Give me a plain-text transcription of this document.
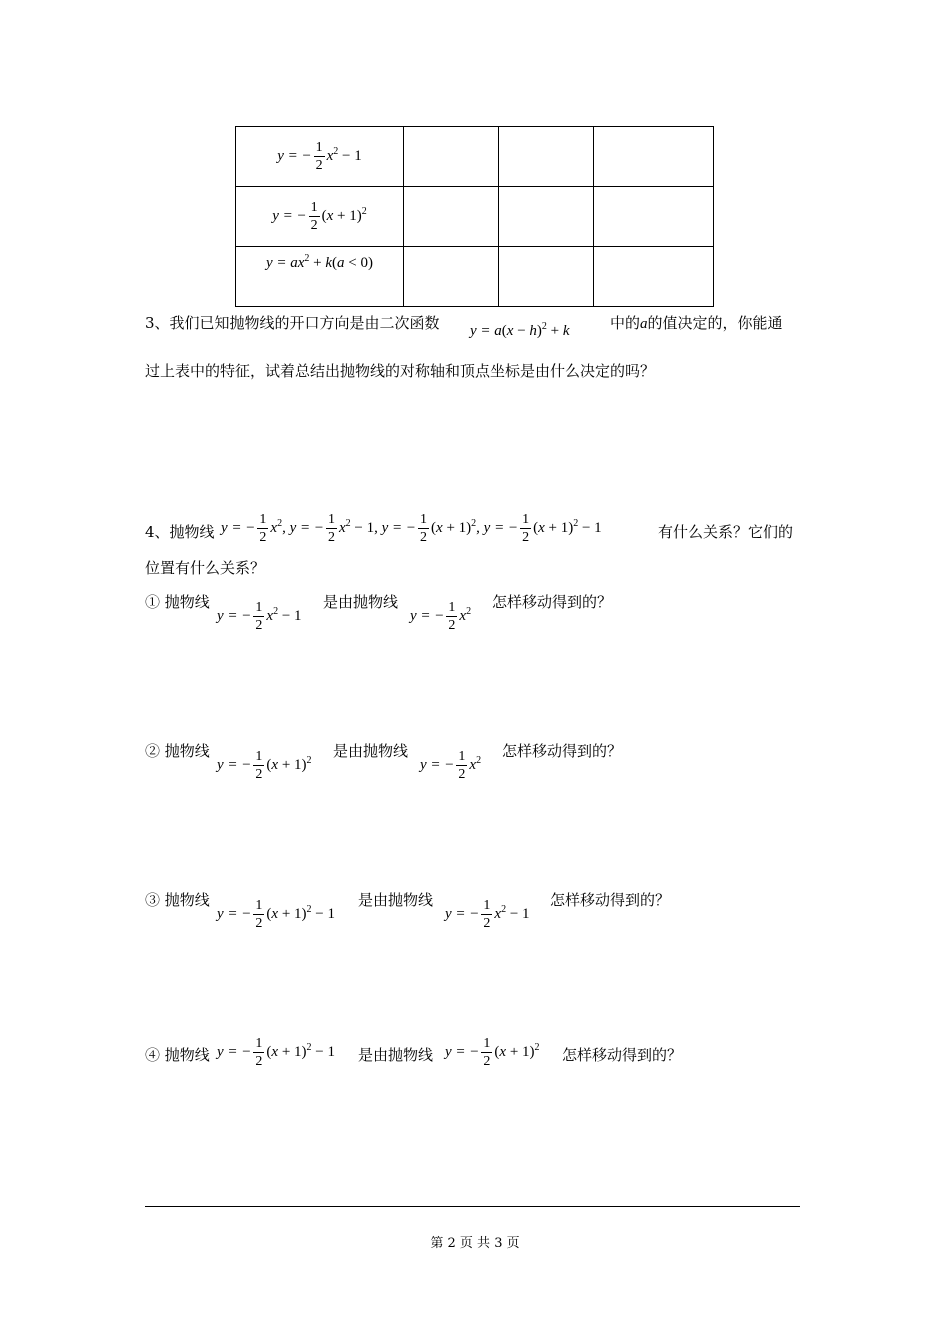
y = − $\frac{1}{2} x^2 - 1$			
y = − $\frac{1}{2} (x + 1)^2$			
$y = ax^2 + k(a < 0)$			
3、我们已知抛物线的开口方向是由二次函数 $y = a(x - h)^2 + k$	中的a的值决定的，你能通
过上表中的特征，试着总结出抛物线的对称轴和顶点坐标是由什么决定的吗？
4、抛物线 y = − $\frac{1}{2} x^2$, y = − $\frac{1}{2} x^2 - 1$, y = − $\frac{1}{2} (x + 1)^2$, y = − $\frac{1}{2} (x + 1)^2 - 1$	有什么关系？它们的
位置有什么关系？
① 抛物线
y = − $\frac{1}{2} x^2 - 1$
是由抛物线
y = − $\frac{1}{2} x^2$
怎样移动得到的？
② 抛物线
y = − $\frac{1}{2} (x + 1)^2$
是由抛物线
y = − $\frac{1}{2} x^2$
怎样移动得到的？
③ 抛物线
y = − $\frac{1}{2} (x + 1)^2 - 1$
是由抛物线
y = − $\frac{1}{2} x^2 - 1$
怎样移动得到的？
④ 抛物线 y = − $\frac{1}{2} (x + 1)^2 - 1$ 是由抛物线 y = − $\frac{1}{2} (x + 1)^2$ 怎样移动得到的？
第 2 页 共 3 页
